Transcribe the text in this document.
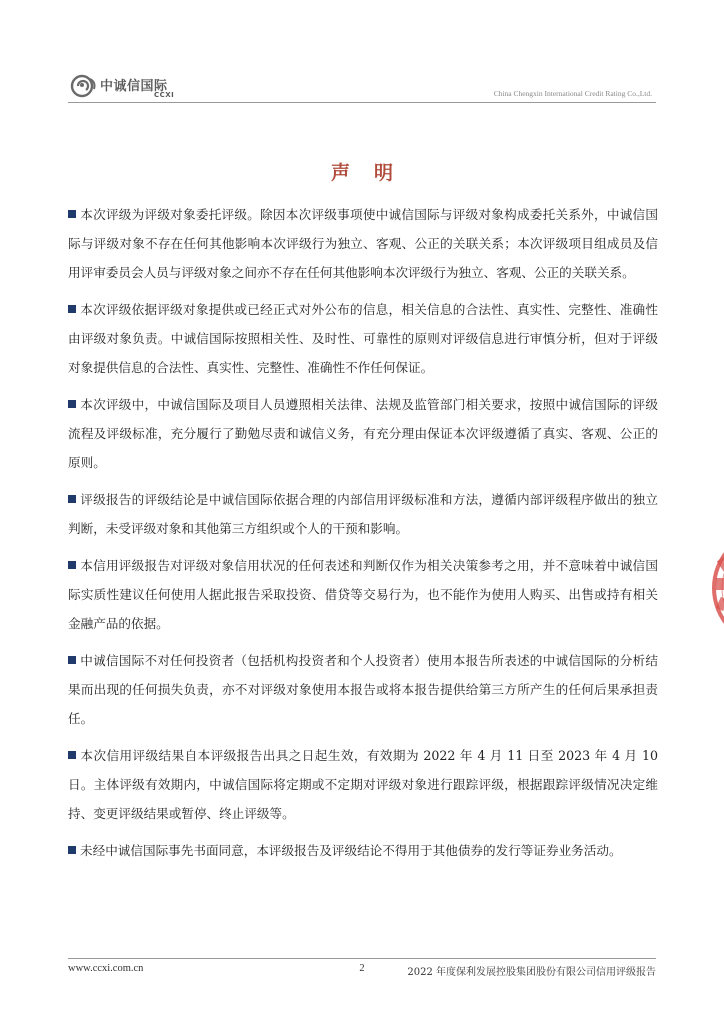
中诚信国际
CCXI	China Chengxin International Credit Rating Co.,Ltd.
声明

本次评级为评级对象委托评级。除因本次评级事项使中诚信国际与评级对象构成委托关系外，中诚信国际与评级对象不存在任何其他影响本次评级行为独立、客观、公正的关联关系；本次评级项目组成员及信用评审委员会人员与评级对象之间亦不存在任何其他影响本次评级行为独立、客观、公正的关联关系。

本次评级依据评级对象提供或已经正式对外公布的信息，相关信息的合法性、真实性、完整性、准确性由评级对象负责。中诚信国际按照相关性、及时性、可靠性的原则对评级信息进行审慎分析，但对于评级对象提供信息的合法性、真实性、完整性、准确性不作任何保证。

本次评级中，中诚信国际及项目人员遵照相关法律、法规及监管部门相关要求，按照中诚信国际的评级流程及评级标准，充分履行了勤勉尽责和诚信义务，有充分理由保证本次评级遵循了真实、客观、公正的原则。

评级报告的评级结论是中诚信国际依据合理的内部信用评级标准和方法，遵循内部评级程序做出的独立判断，未受评级对象和其他第三方组织或个人的干预和影响。

本信用评级报告对评级对象信用状况的任何表述和判断仅作为相关决策参考之用，并不意味着中诚信国际实质性建议任何使用人据此报告采取投资、借贷等交易行为，也不能作为使用人购买、出售或持有相关金融产品的依据。

中诚信国际不对任何投资者（包括机构投资者和个人投资者）使用本报告所表述的中诚信国际的分析结果而出现的任何损失负责，亦不对评级对象使用本报告或将本报告提供给第三方所产生的任何后果承担责任。

本次信用评级结果自本评级报告出具之日起生效，有效期为 2022 年 4 月 11 日至 2023 年 4 月 10 日。主体评级有效期内，中诚信国际将定期或不定期对评级对象进行跟踪评级，根据跟踪评级情况决定维持、变更评级结果或暂停、终止评级等。

未经中诚信国际事先书面同意，本评级报告及评级结论不得用于其他债券的发行等证券业务活动。

www.ccxi.com.cn	2	2022 年度保利发展控股集团股份有限公司信用评级报告
